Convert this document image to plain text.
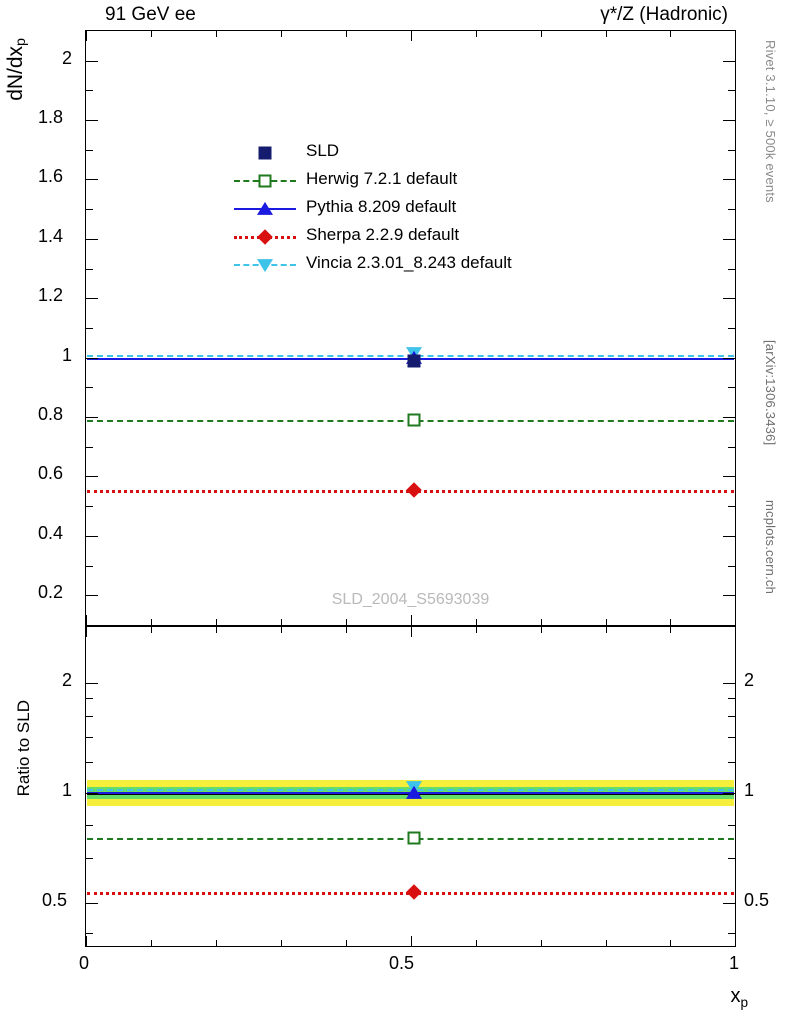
91 GeV ee	γ*/Z (Hadronic)
Rivet 3.1.10, ≥ 500k events
[arXiv:1306.3436]
mcplots.cern.ch
$dN/dx_p$
Ratio to SLD
$x_p$
SLD_2004_S5693039
SLD
Herwig 7.2.1 default
Pythia 8.209 default
Sherpa 2.2.9 default
Vincia 2.3.01_8.243 default
0.2
0.4
0.6
0.8
1
1.2
1.4
1.6
1.8
2
0.5
1
2
0.5
1
2
0	0.5	1
